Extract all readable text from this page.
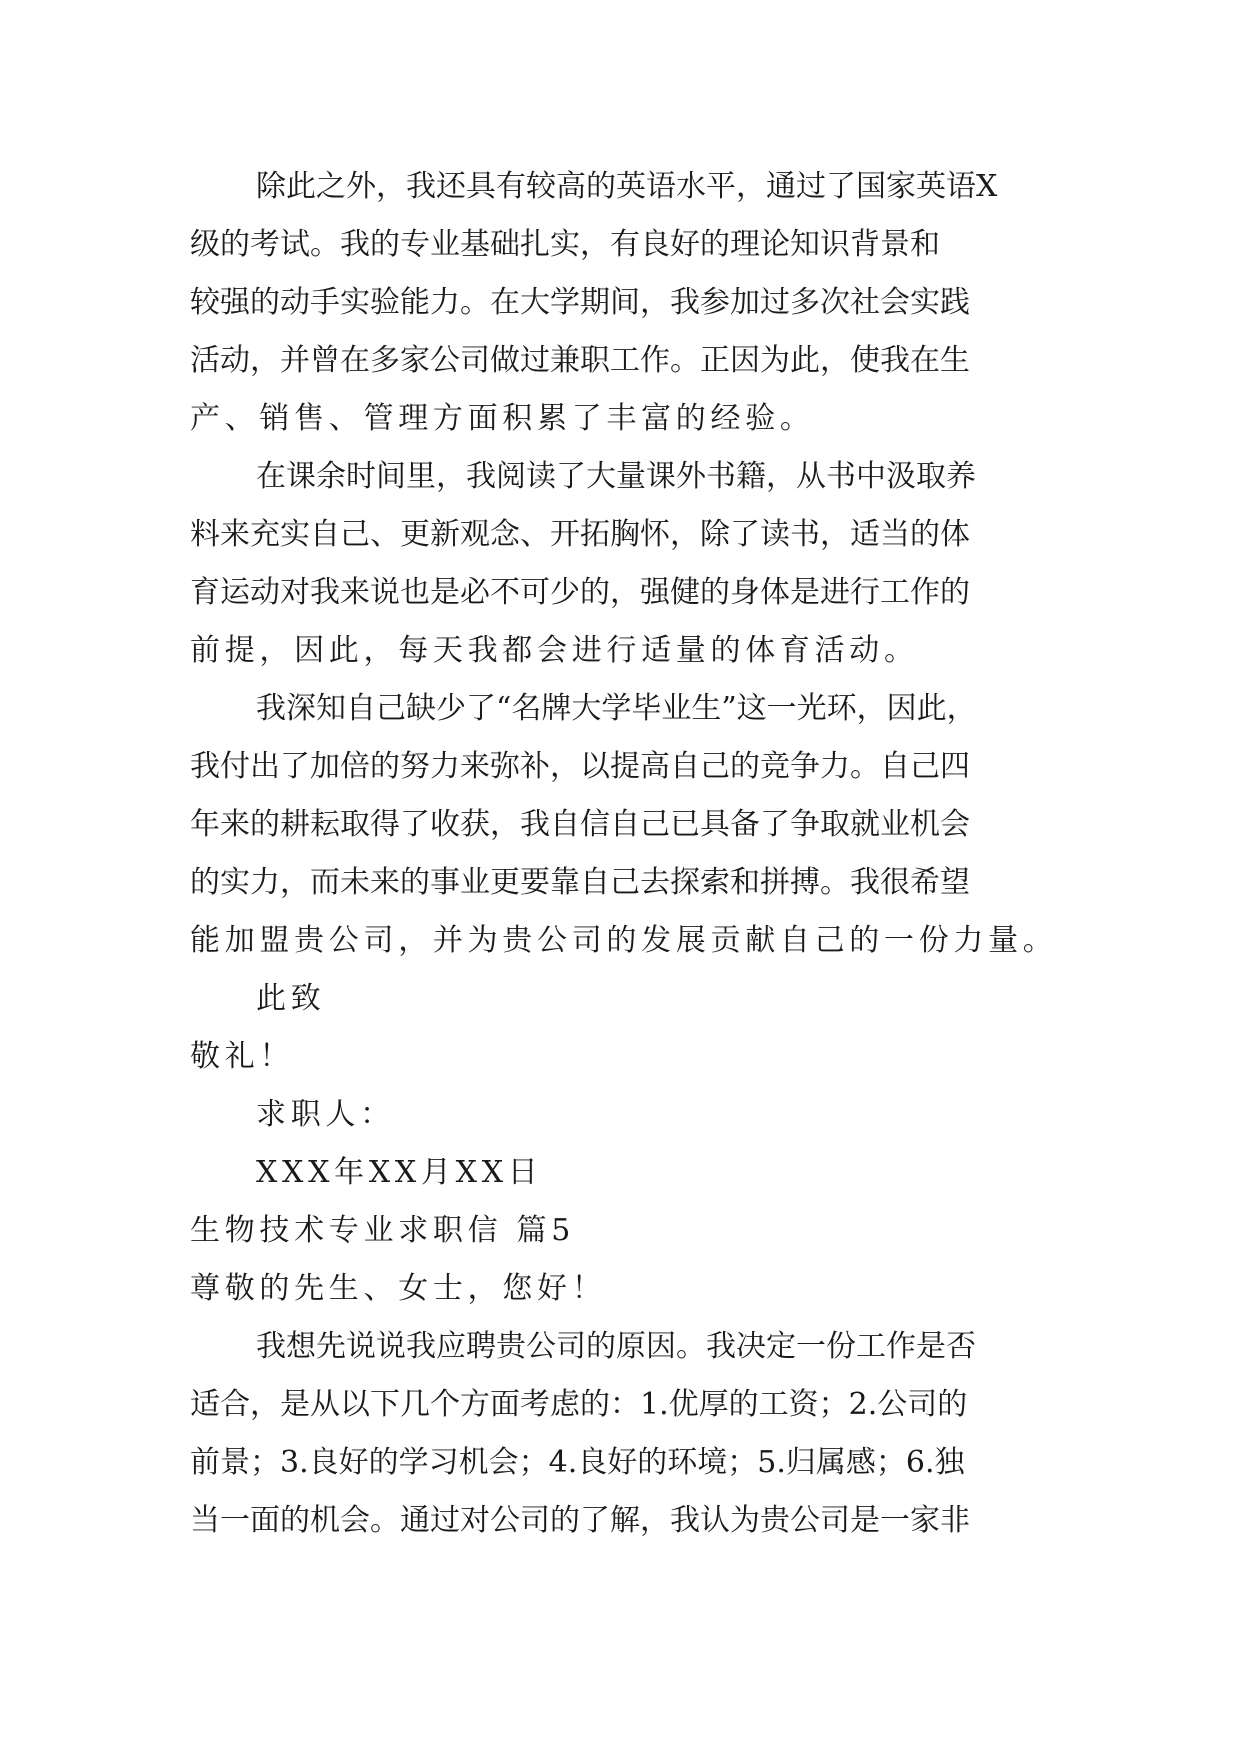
除此之外，我还具有较高的英语水平，通过了国家英语X
级的考试。我的专业基础扎实，有良好的理论知识背景和
较强的动手实验能力。在大学期间，我参加过多次社会实践
活动，并曾在多家公司做过兼职工作。正因为此，使我在生
产、销售、管理方面积累了丰富的经验。
在课余时间里，我阅读了大量课外书籍，从书中汲取养
料来充实自己、更新观念、开拓胸怀，除了读书，适当的体
育运动对我来说也是必不可少的，强健的身体是进行工作的
前提，因此，每天我都会进行适量的体育活动。
我深知自己缺少了“名牌大学毕业生”这一光环，因此，
我付出了加倍的努力来弥补，以提高自己的竞争力。自己四
年来的耕耘取得了收获，我自信自己已具备了争取就业机会
的实力，而未来的事业更要靠自己去探索和拼搏。我很希望
能加盟贵公司，并为贵公司的发展贡献自己的一份力量。
此致
敬礼！
求职人：
XXX年XX月XX日
生物技术专业求职信 篇5
尊敬的先生、女士，您好！
我想先说说我应聘贵公司的原因。我决定一份工作是否
适合，是从以下几个方面考虑的：1.优厚的工资；2.公司的
前景；3.良好的学习机会；4.良好的环境；5.归属感；6.独
当一面的机会。通过对公司的了解，我认为贵公司是一家非
